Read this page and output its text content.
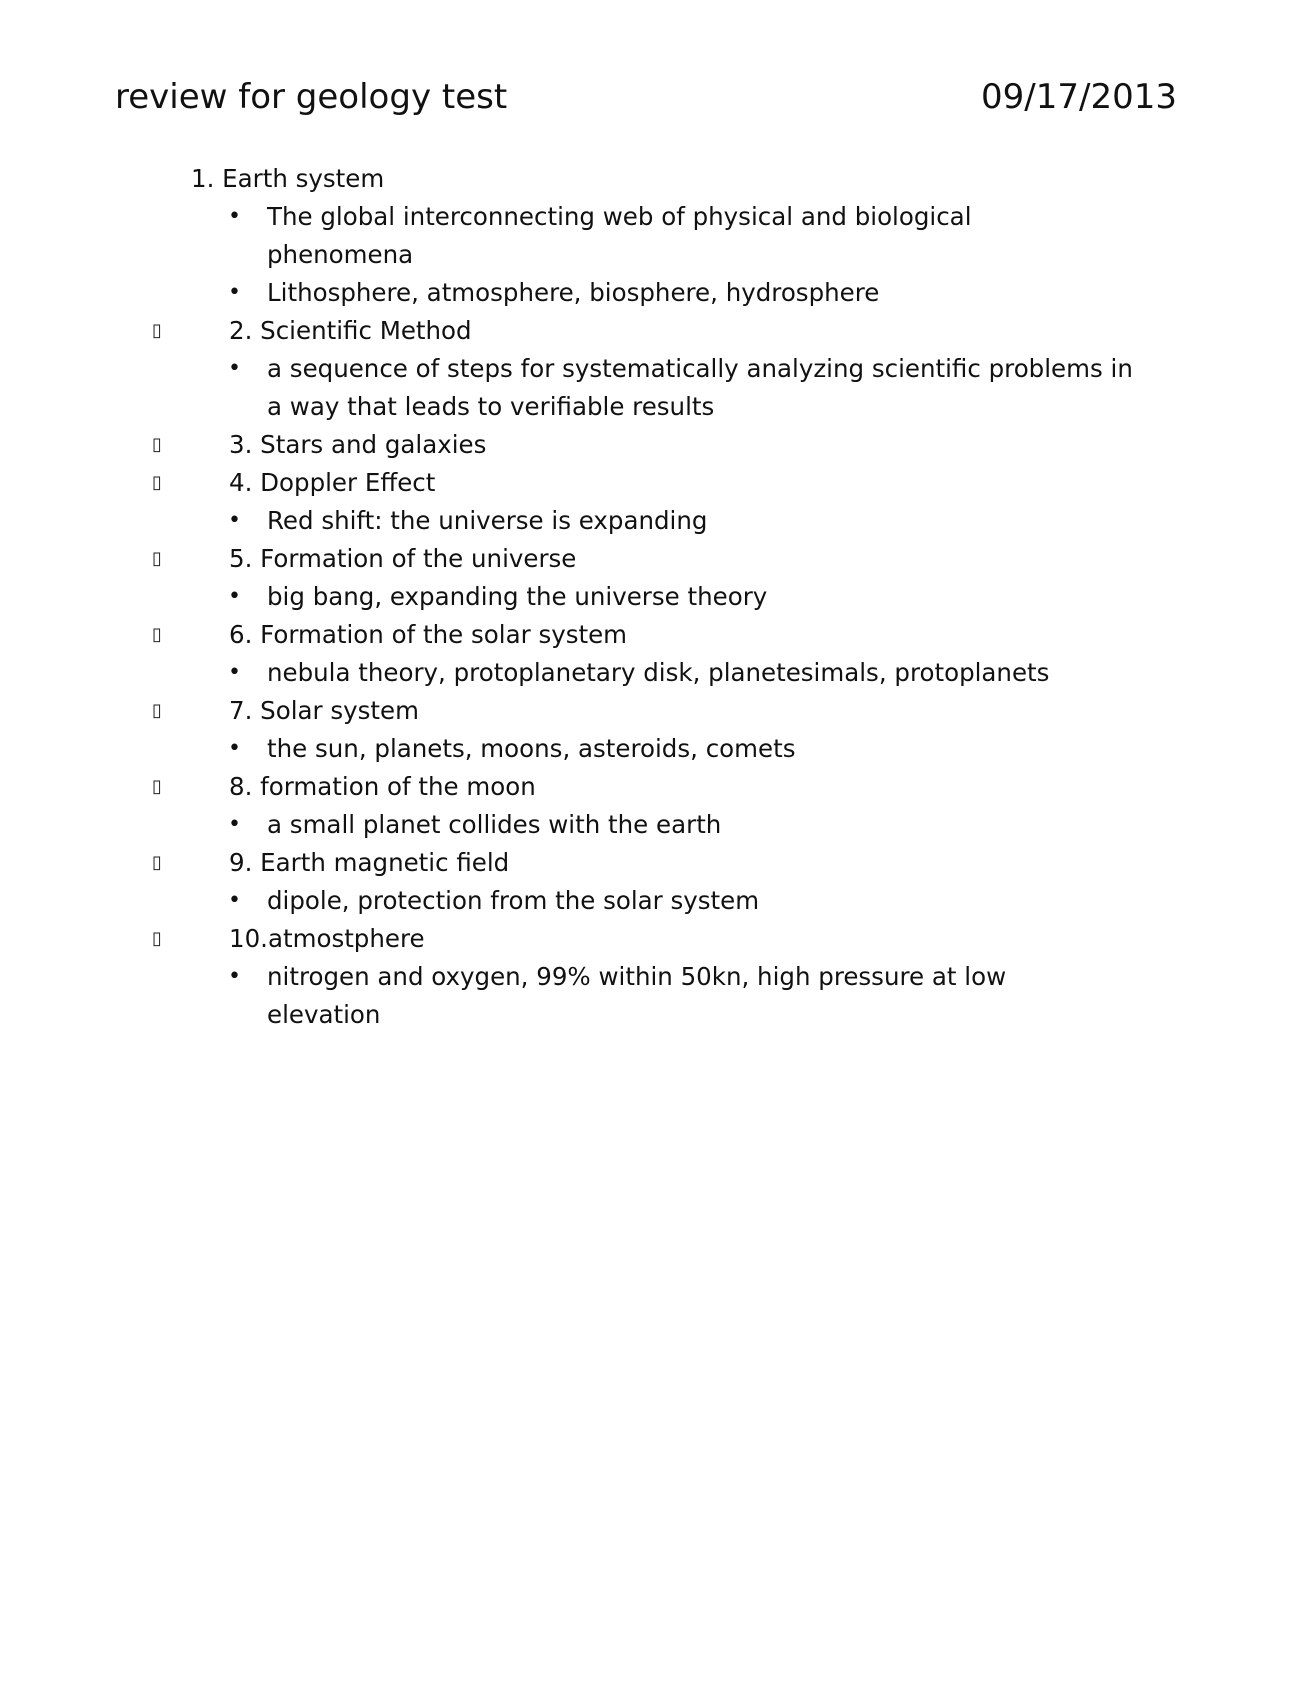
review for geology test	09/17/2013
1. Earth system
• The global interconnecting web of physical and biological phenomena
• Lithosphere, atmosphere, biosphere, hydrosphere
▯	2. Scientific Method
• a sequence of steps for systematically analyzing scientific problems in a way that leads to verifiable results
▯	3. Stars and galaxies
▯	4. Doppler Effect
• Red shift: the universe is expanding
▯	5. Formation of the universe
• big bang, expanding the universe theory
▯	6. Formation of the solar system
• nebula theory, protoplanetary disk, planetesimals, protoplanets
▯	7. Solar system
• the sun, planets, moons, asteroids, comets
▯	8. formation of the moon
• a small planet collides with the earth
▯	9. Earth magnetic field
• dipole, protection from the solar system
▯	10.atmostphere
• nitrogen and oxygen, 99% within 50kn, high pressure at low elevation
